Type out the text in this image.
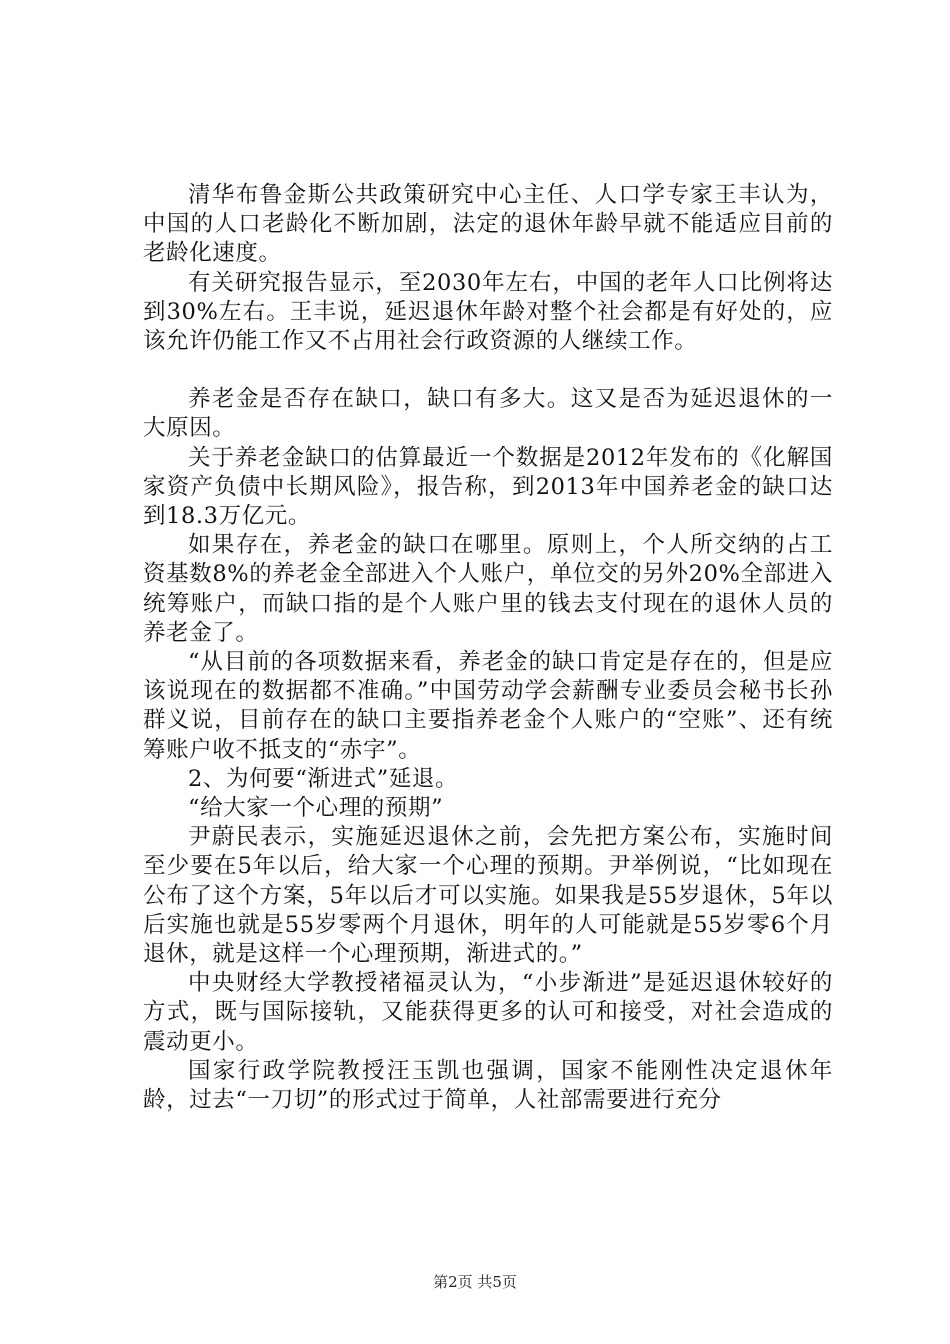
清华布鲁金斯公共政策研究中心主任、人口学专家王丰认为，中国的人口老龄化不断加剧，法定的退休年龄早就不能适应目前的老龄化速度。

有关研究报告显示，至2030年左右，中国的老年人口比例将达到30%左右。王丰说，延迟退休年龄对整个社会都是有好处的，应该允许仍能工作又不占用社会行政资源的人继续工作。

养老金是否存在缺口，缺口有多大。这又是否为延迟退休的一大原因。

关于养老金缺口的估算最近一个数据是2012年发布的《化解国家资产负债中长期风险》，报告称，到2013年中国养老金的缺口达到18.3万亿元。

如果存在，养老金的缺口在哪里。原则上，个人所交纳的占工资基数8%的养老金全部进入个人账户，单位交的另外20%全部进入统筹账户，而缺口指的是个人账户里的钱去支付现在的退休人员的养老金了。

“从目前的各项数据来看，养老金的缺口肯定是存在的，但是应该说现在的数据都不准确。”中国劳动学会薪酬专业委员会秘书长孙群义说，目前存在的缺口主要指养老金个人账户的“空账”、还有统筹账户收不抵支的“赤字”。

2、为何要“渐进式”延退。

“给大家一个心理的预期”

尹蔚民表示，实施延迟退休之前，会先把方案公布，实施时间至少要在5年以后，给大家一个心理的预期。尹举例说，“比如现在公布了这个方案，5年以后才可以实施。如果我是55岁退休，5年以后实施也就是55岁零两个月退休，明年的人可能就是55岁零6个月退休，就是这样一个心理预期，渐进式的。”

中央财经大学教授褚福灵认为，“小步渐进”是延迟退休较好的方式，既与国际接轨，又能获得更多的认可和接受，对社会造成的震动更小。

国家行政学院教授汪玉凯也强调，国家不能刚性决定退休年龄，过去“一刀切”的形式过于简单，人社部需要进行充分

第2页 共5页
